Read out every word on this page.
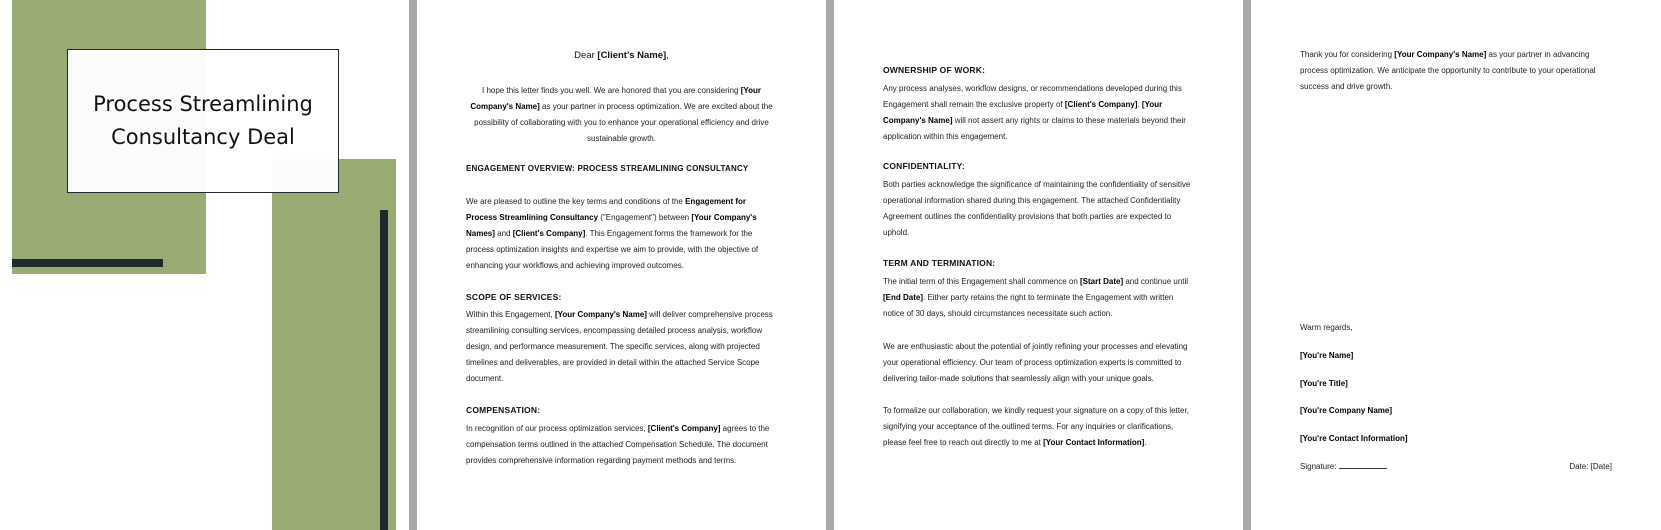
Process Streamlining Consultancy Deal
Dear [Client's Name],

I hope this letter finds you well. We are honored that you are considering [Your Company's Name] as your partner in process optimization. We are excited about the possibility of collaborating with you to enhance your operational efficiency and drive sustainable growth.

ENGAGEMENT OVERVIEW: PROCESS STREAMLINING CONSULTANCY

We are pleased to outline the key terms and conditions of the Engagement for Process Streamlining Consultancy ("Engagement") between [Your Company's Names] and [Client's Company]. This Engagement forms the framework for the process optimization insights and expertise we aim to provide, with the objective of enhancing your workflows and achieving improved outcomes.

SCOPE OF SERVICES:

Within this Engagement, [Your Company's Name] will deliver comprehensive process streamlining consulting services, encompassing detailed process analysis, workflow design, and performance measurement. The specific services, along with projected timelines and deliverables, are provided in detail within the attached Service Scope document.

COMPENSATION:

In recognition of our process optimization services, [Client's Company] agrees to the compensation terms outlined in the attached Compensation Schedule. The document provides comprehensive information regarding payment methods and terms.

OWNERSHIP OF WORK:

Any process analyses, workflow designs, or recommendations developed during this Engagement shall remain the exclusive property of [Client's Company]. [Your Company's Name] will not assert any rights or claims to these materials beyond their application within this engagement.

CONFIDENTIALITY:

Both parties acknowledge the significance of maintaining the confidentiality of sensitive operational information shared during this engagement. The attached Confidentiality Agreement outlines the confidentiality provisions that both parties are expected to uphold.

TERM AND TERMINATION:

The initial term of this Engagement shall commence on [Start Date] and continue until [End Date]. Either party retains the right to terminate the Engagement with written notice of 30 days, should circumstances necessitate such action.

We are enthusiastic about the potential of jointly refining your processes and elevating your operational efficiency. Our team of process optimization experts is committed to delivering tailor-made solutions that seamlessly align with your unique goals.

To formalize our collaboration, we kindly request your signature on a copy of this letter, signifying your acceptance of the outlined terms. For any inquiries or clarifications, please feel free to reach out directly to me at [Your Contact Information].

Thank you for considering [Your Company's Name] as your partner in advancing process optimization. We anticipate the opportunity to contribute to your operational success and drive growth.

Warm regards,
[You're Name]
[You're Title]
[You're Company Name]
[You're Contact Information]
Signature:	Date: [Date]
